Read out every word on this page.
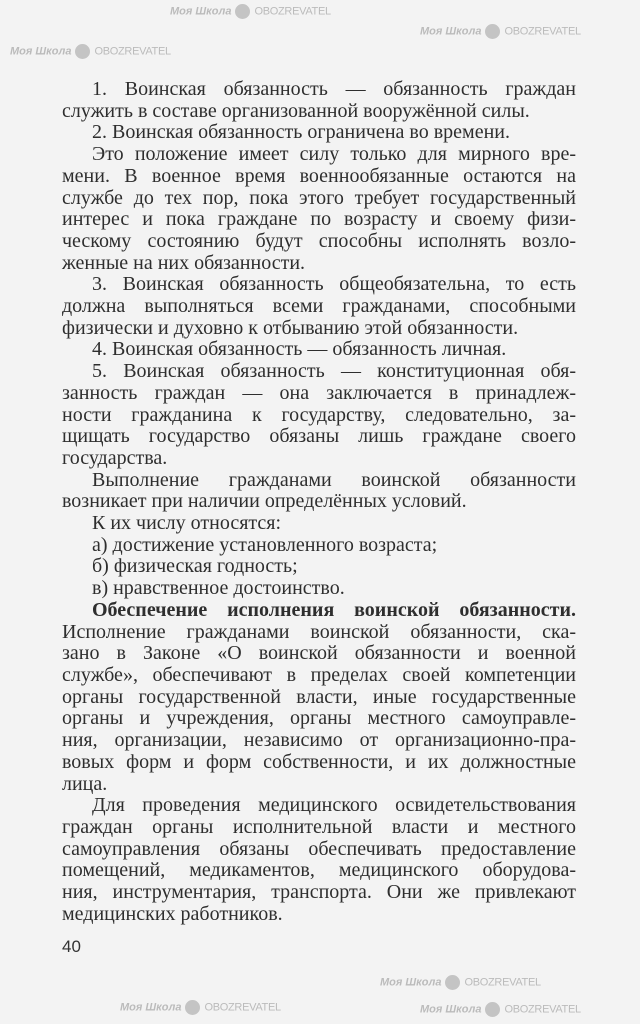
Моя Школа OBOZREVATEL
Моя Школа OBOZREVATEL
Моя Школа OBOZREVATEL
Моя Школа OBOZREVATEL
Моя Школа OBOZREVATEL	Моя Школа OBOZREVATEL
1. Воинская обязанность — обязанность граждан
служить в составе организованной вооружённой силы.
2. Воинская обязанность ограничена во времени.
Это положение имеет силу только для мирного вре-
мени. В военное время военнообязанные остаются на
службе до тех пор, пока этого требует государственный
интерес и пока граждане по возрасту и своему физи-
ческому состоянию будут способны исполнять возло-
женные на них обязанности.
3. Воинская обязанность общеобязательна, то есть
должна выполняться всеми гражданами, способными
физически и духовно к отбыванию этой обязанности.
4. Воинская обязанность — обязанность личная.
5. Воинская обязанность — конституционная обя-
занность граждан — она заключается в принадлеж-
ности гражданина к государству, следовательно, за-
щищать государство обязаны лишь граждане своего
государства.
Выполнение гражданами воинской обязанности
возникает при наличии определённых условий.
К их числу относятся:
а) достижение установленного возраста;
б) физическая годность;
в) нравственное достоинство.
Обеспечение исполнения воинской обязанности.
Исполнение гражданами воинской обязанности, ска-
зано в Законе «О воинской обязанности и военной
службе», обеспечивают в пределах своей компетенции
органы государственной власти, иные государственные
органы и учреждения, органы местного самоуправле-
ния, организации, независимо от организационно-пра-
вовых форм и форм собственности, и их должностные
лица.
Для проведения медицинского освидетельствования
граждан органы исполнительной власти и местного
самоуправления обязаны обеспечивать предоставление
помещений, медикаментов, медицинского оборудова-
ния, инструментария, транспорта. Они же привлекают
медицинских работников.
40
